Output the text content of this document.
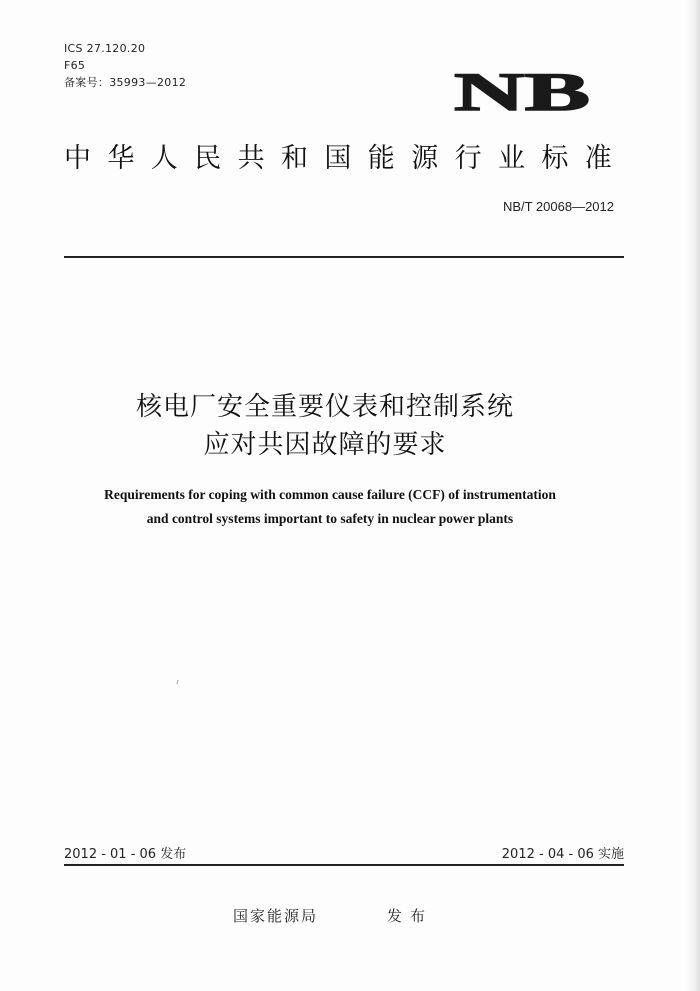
ICS 27.120.20
F65
备案号：35993—2012	NB
中华人民共和国能源行业标准
NB/T 20068—2012
核电厂安全重要仪表和控制系统
应对共因故障的要求
Requirements for coping with common cause failure (CCF) of instrumentation
and control systems important to safety in nuclear power plants
2012 - 01 - 06 发布	2012 - 04 - 06 实施
国家能源局	发布
